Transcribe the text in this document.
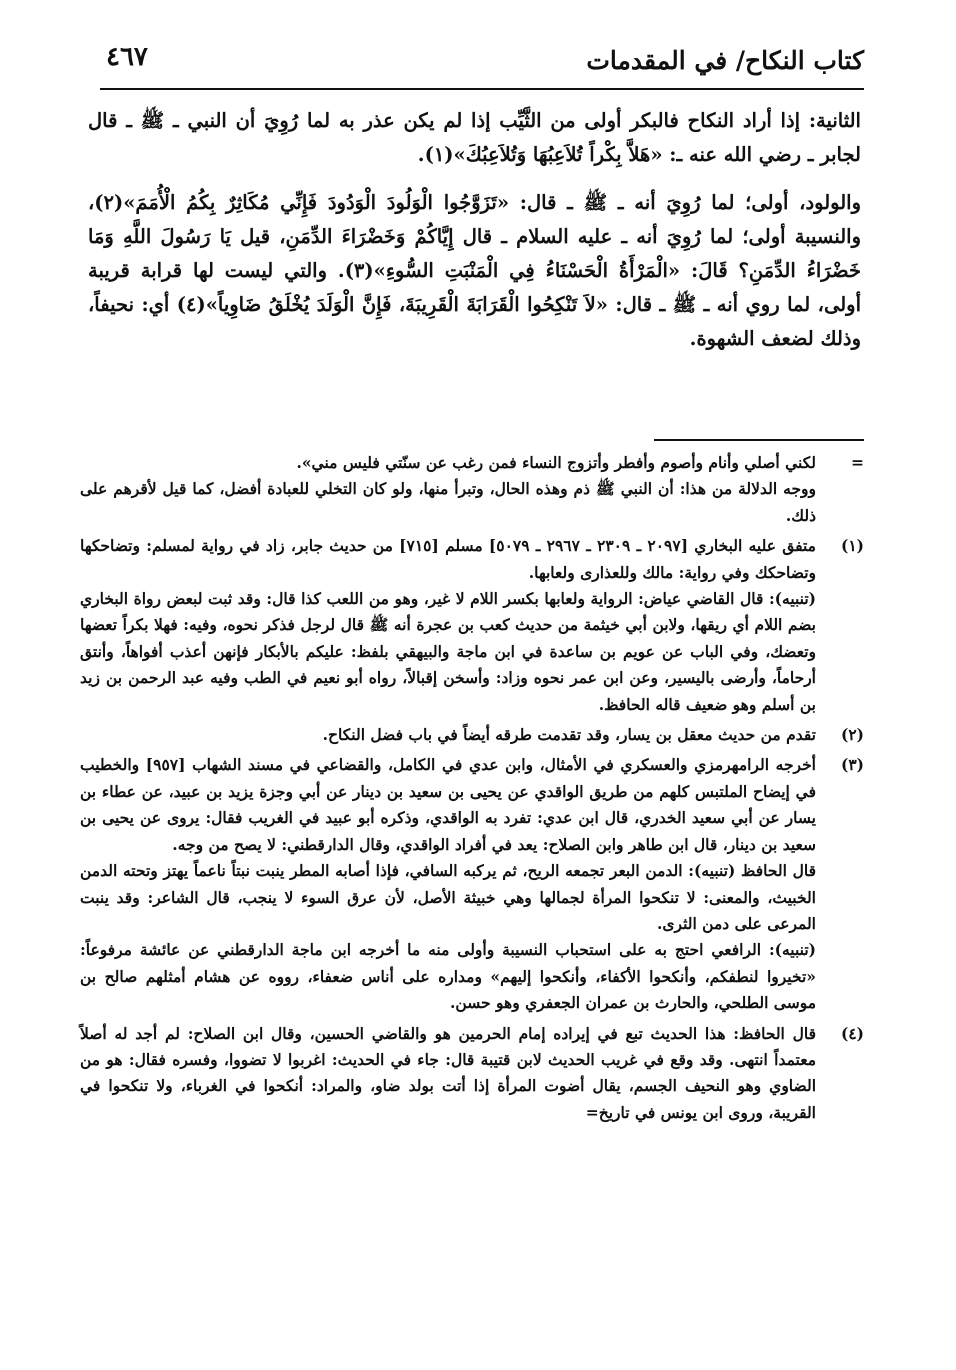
كتاب النكاح/ في المقدمات
٤٦٧

الثانية: إذا أراد النكاح فالبكر أولى من الثَّيِّب إذا لم يكن عذر به لما رُوِيَ أن النبي ـ ﷺ ـ قال لجابر ـ رضي الله عنه ـ: «هَلاَّ بِكْراً تُلاَعِبُهَا وَتُلاَعِبُكَ»(١).

والولود، أولى؛ لما رُوِيَ أنه ـ ﷺ ـ قال: «تَزَوَّجُوا الْوَلُودَ الْوَدُودَ فَإِنِّي مُكَاثِرٌ بِكُمُ الْأُمَمَ»(٢)، والنسيبة أولى؛ لما رُوِيَ أنه ـ عليه السلام ـ قال إِيَّاكُمْ وَخَضْرَاءَ الدِّمَنِ، قيل يَا رَسُولَ اللَّهِ وَمَا خَضْرَاءُ الدِّمَنِ؟ قَالَ: «الْمَرْأَةُ الْحَسْنَاءُ فِي الْمَنْبَتِ السُّوءِ»(٣). والتي ليست لها قرابة قريبة أولى، لما روي أنه ـ ﷺ ـ قال: «لاَ تَنْكِحُوا الْقَرَابَةَ الْقَرِيبَةَ، فَإِنَّ الْوَلَدَ يُخْلَقُ ضَاوِياً»(٤) أي: نحيفاً، وذلك لضعف الشهوة.

=

لكني أصلي وأنام وأصوم وأفطر وأتزوج النساء فمن رغب عن سنّتي فليس مني».

ووجه الدلالة من هذا: أن النبي ﷺ ذم وهذه الحال، وتبرأ منها، ولو كان التخلي للعبادة أفضل، كما قيل لأقرهم على ذلك.

(١)

متفق عليه البخاري [٢٠٩٧ ـ ٢٣٠٩ ـ ٢٩٦٧ ـ ٥٠٧٩] مسلم [٧١٥] من حديث جابر، زاد في رواية لمسلم: وتضاحكها وتضاحكك وفي رواية: مالك وللعذارى ولعابها.

(تنبيه): قال القاضي عياض: الرواية ولعابها بكسر اللام لا غير، وهو من اللعب كذا قال: وقد ثبت لبعض رواة البخاري بضم اللام أي ريقها، ولابن أبي خيثمة من حديث كعب بن عجرة أنه ﷺ قال لرجل فذكر نحوه، وفيه: فهلا بكراً تعضها وتعضك، وفي الباب عن عويم بن ساعدة في ابن ماجة والبيهقي بلفظ: عليكم بالأبكار فإنهن أعذب أفواهاً، وأنتق أرحاماً، وأرضى باليسير، وعن ابن عمر نحوه وزاد: وأسخن إقبالاً، رواه أبو نعيم في الطب وفيه عبد الرحمن بن زيد بن أسلم وهو ضعيف قاله الحافظ.

(٢)

تقدم من حديث معقل بن يسار، وقد تقدمت طرقه أيضاً في باب فضل النكاح.

(٣)

أخرجه الرامهرمزي والعسكري في الأمثال، وابن عدي في الكامل، والقضاعي في مسند الشهاب [٩٥٧] والخطيب في إيضاح الملتبس كلهم من طريق الواقدي عن يحيى بن سعيد بن دينار عن أبي وجزة يزيد بن عبيد، عن عطاء بن يسار عن أبي سعيد الخدري، قال ابن عدي: تفرد به الواقدي، وذكره أبو عبيد في الغريب فقال: يروى عن يحيى بن سعيد بن دينار، قال ابن طاهر وابن الصلاح: يعد في أفراد الواقدي، وقال الدارقطني: لا يصح من وجه.

قال الحافظ (تنبيه): الدمن البعر تجمعه الريح، ثم يركبه السافي، فإذا أصابه المطر ينبت نبتاً ناعماً يهتز وتحته الدمن الخبيث، والمعنى: لا تنكحوا المرأة لجمالها وهي خبيثة الأصل، لأن عرق السوء لا ينجب، قال الشاعر: وقد ينبت المرعى على دمن الثرى.

(تنبيه): الرافعي احتج به على استحباب النسيبة وأولى منه ما أخرجه ابن ماجة الدارقطني عن عائشة مرفوعاً: «تخيروا لنطفكم، وأنكحوا الأكفاء، وأنكحوا إليهم» ومداره على أناس ضعفاء، رووه عن هشام أمثلهم صالح بن موسى الطلحي، والحارث بن عمران الجعفري وهو حسن.

(٤)

قال الحافظ: هذا الحديث تبع في إيراده إمام الحرمين هو والقاضي الحسين، وقال ابن الصلاح: لم أجد له أصلاً معتمداً انتهى. وقد وقع في غريب الحديث لابن قتيبة قال: جاء في الحديث: اغربوا لا تضووا، وفسره فقال: هو من الضاوي وهو النحيف الجسم، يقال أضوت المرأة إذا أتت بولد ضاو، والمراد: أنكحوا في الغرباء، ولا تنكحوا في القريبة، وروى ابن يونس في تاريخ=
